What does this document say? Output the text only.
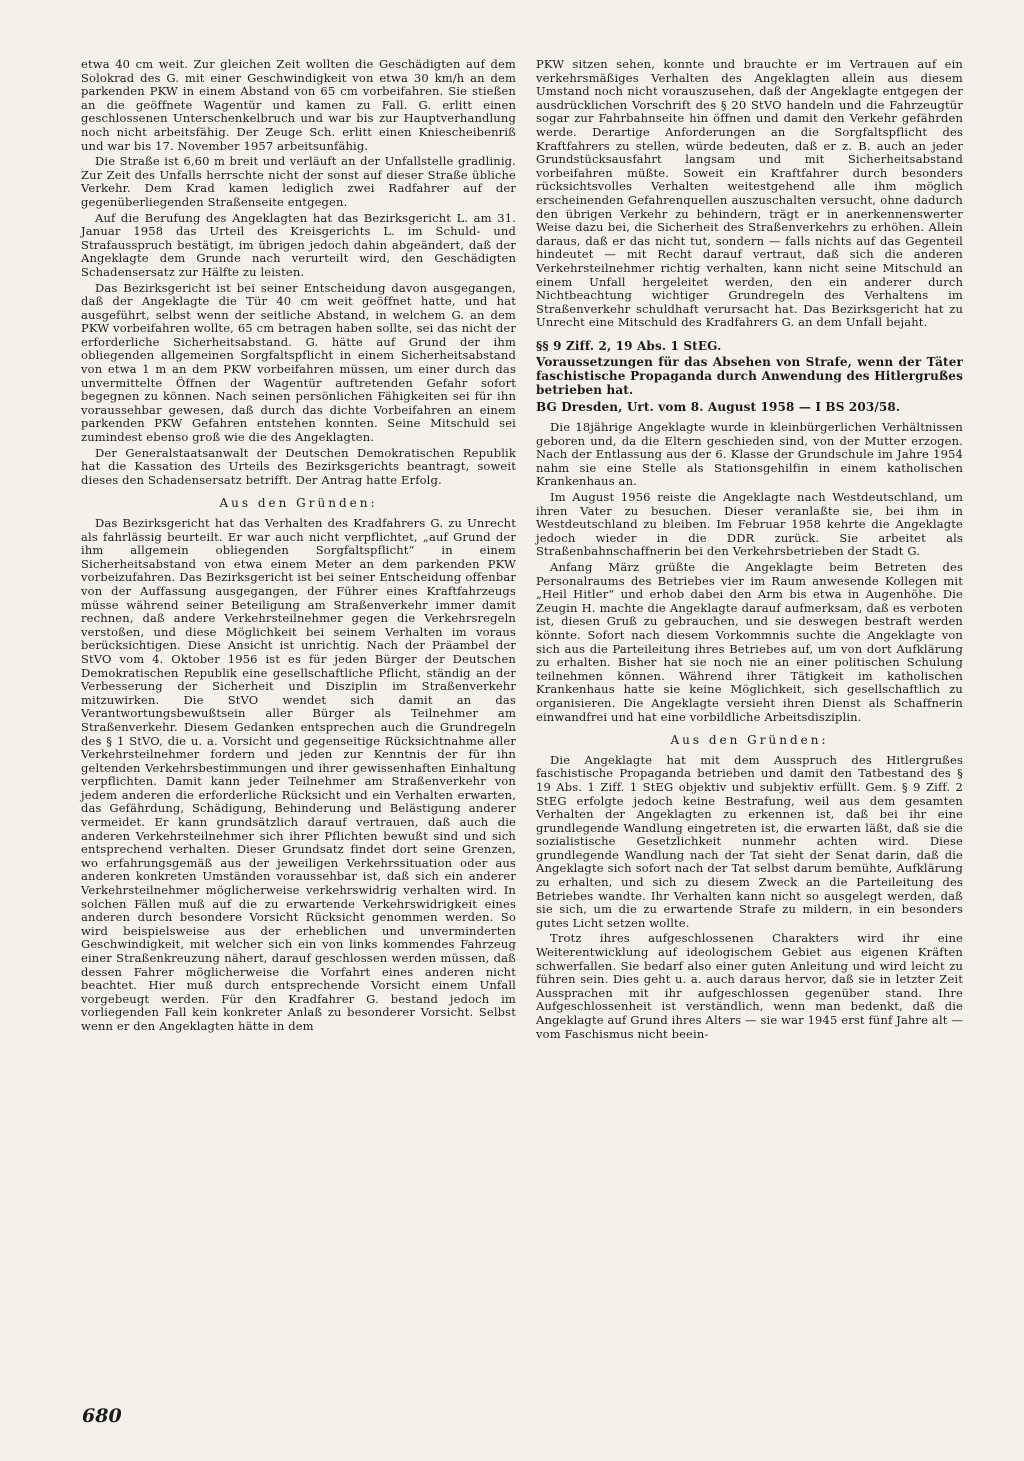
etwa 40 cm weit. Zur gleichen Zeit wollten die Geschädigten auf dem Solokrad des G. mit einer Geschwindigkeit von etwa 30 km/h an dem parkenden PKW in einem Abstand von 65 cm vorbeifahren. Sie stießen an die geöffnete Wagentür und kamen zu Fall. G. erlitt einen geschlossenen Unterschenkelbruch und war bis zur Hauptverhandlung noch nicht arbeitsfähig. Der Zeuge Sch. erlitt einen Kniescheibenriß und war bis 17. November 1957 arbeitsunfähig.

Die Straße ist 6,60 m breit und verläuft an der Unfallstelle gradlinig. Zur Zeit des Unfalls herrschte nicht der sonst auf dieser Straße übliche Verkehr. Dem Krad kamen lediglich zwei Radfahrer auf der gegenüberliegenden Straßenseite entgegen.

Auf die Berufung des Angeklagten hat das Bezirksgericht L. am 31. Januar 1958 das Urteil des Kreisgerichts L. im Schuld- und Strafausspruch bestätigt, im übrigen jedoch dahin abgeändert, daß der Angeklagte dem Grunde nach verurteilt wird, den Geschädigten Schadensersatz zur Hälfte zu leisten.

Das Bezirksgericht ist bei seiner Entscheidung davon ausgegangen, daß der Angeklagte die Tür 40 cm weit geöffnet hatte, und hat ausgeführt, selbst wenn der seitliche Abstand, in welchem G. an dem PKW vorbeifahren wollte, 65 cm betragen haben sollte, sei das nicht der erforderliche Sicherheitsabstand. G. hätte auf Grund der ihm obliegenden allgemeinen Sorgfaltspflicht in einem Sicherheitsabstand von etwa 1 m an dem PKW vorbeifahren müssen, um einer durch das unvermittelte Öffnen der Wagentür auftretenden Gefahr sofort begegnen zu können. Nach seinen persönlichen Fähigkeiten sei für ihn voraussehbar gewesen, daß durch das dichte Vorbeifahren an einem parkenden PKW Gefahren entstehen konnten. Seine Mitschuld sei zumindest ebenso groß wie die des Angeklagten.

Der Generalstaatsanwalt der Deutschen Demokratischen Republik hat die Kassation des Urteils des Bezirksgerichts beantragt, soweit dieses den Schadensersatz betrifft. Der Antrag hatte Erfolg.

Aus den Gründen:

Das Bezirksgericht hat das Verhalten des Kradfahrers G. zu Unrecht als fahrlässig beurteilt. Er war auch nicht verpflichtet, „auf Grund der ihm allgemein obliegenden Sorgfaltspflicht“ in einem Sicherheitsabstand von etwa einem Meter an dem parkenden PKW vorbeizufahren. Das Bezirksgericht ist bei seiner Entscheidung offenbar von der Auffassung ausgegangen, der Führer eines Kraftfahrzeugs müsse während seiner Beteiligung am Straßenverkehr immer damit rechnen, daß andere Verkehrsteilnehmer gegen die Verkehrsregeln verstoßen, und diese Möglichkeit bei seinem Verhalten im voraus berücksichtigen. Diese Ansicht ist unrichtig. Nach der Präambel der StVO vom 4. Oktober 1956 ist es für jeden Bürger der Deutschen Demokratischen Republik eine gesellschaftliche Pflicht, ständig an der Verbesserung der Sicherheit und Disziplin im Straßenverkehr mitzuwirken. Die StVO wendet sich damit an das Verantwortungsbewußtsein aller Bürger als Teilnehmer am Straßenverkehr. Diesem Gedanken entsprechen auch die Grundregeln des § 1 StVO, die u. a. Vorsicht und gegenseitige Rücksichtnahme aller Verkehrsteilnehmer fordern und jeden zur Kenntnis der für ihn geltenden Verkehrsbestimmungen und ihrer gewissenhaften Einhaltung verpflichten. Damit kann jeder Teilnehmer am Straßenverkehr von jedem anderen die erforderliche Rücksicht und ein Verhalten erwarten, das Gefährdung, Schädigung, Behinderung und Belästigung anderer vermeidet. Er kann grundsätzlich darauf vertrauen, daß auch die anderen Verkehrsteilnehmer sich ihrer Pflichten bewußt sind und sich entsprechend verhalten. Dieser Grundsatz findet dort seine Grenzen, wo erfahrungsgemäß aus der jeweiligen Verkehrssituation oder aus anderen konkreten Umständen voraussehbar ist, daß sich ein anderer Verkehrsteilnehmer möglicherweise verkehrswidrig verhalten wird. In solchen Fällen muß auf die zu erwartende Verkehrswidrigkeit eines anderen durch besondere Vorsicht Rücksicht genommen werden. So wird beispielsweise aus der erheblichen und unverminderten Geschwindigkeit, mit welcher sich ein von links kommendes Fahrzeug einer Straßenkreuzung nähert, darauf geschlossen werden müssen, daß dessen Fahrer möglicherweise die Vorfahrt eines anderen nicht beachtet. Hier muß durch entsprechende Vorsicht einem Unfall vorgebeugt werden. Für den Kradfahrer G. bestand jedoch im vorliegenden Fall kein konkreter Anlaß zu besonderer Vorsicht. Selbst wenn er den Angeklagten hätte in dem

PKW sitzen sehen, konnte und brauchte er im Vertrauen auf ein verkehrsmäßiges Verhalten des Angeklagten allein aus diesem Umstand noch nicht vorauszusehen, daß der Angeklagte entgegen der ausdrücklichen Vorschrift des § 20 StVO handeln und die Fahrzeugtür sogar zur Fahrbahnseite hin öffnen und damit den Verkehr gefährden werde. Derartige Anforderungen an die Sorgfaltspflicht des Kraftfahrers zu stellen, würde bedeuten, daß er z. B. auch an jeder Grundstücksausfahrt langsam und mit Sicherheitsabstand vorbeifahren müßte. Soweit ein Kraftfahrer durch besonders rücksichtsvolles Verhalten weitestgehend alle ihm möglich erscheinenden Gefahrenquellen auszuschalten versucht, ohne dadurch den übrigen Verkehr zu behindern, trägt er in anerkennenswerter Weise dazu bei, die Sicherheit des Straßenverkehrs zu erhöhen. Allein daraus, daß er das nicht tut, sondern — falls nichts auf das Gegenteil hindeutet — mit Recht darauf vertraut, daß sich die anderen Verkehrsteilnehmer richtig verhalten, kann nicht seine Mitschuld an einem Unfall hergeleitet werden, den ein anderer durch Nichtbeachtung wichtiger Grundregeln des Verhaltens im Straßenverkehr schuldhaft verursacht hat. Das Bezirksgericht hat zu Unrecht eine Mitschuld des Kradfahrers G. an dem Unfall bejaht.

§§ 9 Ziff. 2, 19 Abs. 1 StEG.

Voraussetzungen für das Absehen von Strafe, wenn der Täter faschistische Propaganda durch Anwendung des Hitlergrußes betrieben hat.

BG Dresden, Urt. vom 8. August 1958 — I BS 203/58.

Die 18jährige Angeklagte wurde in kleinbürgerlichen Verhältnissen geboren und, da die Eltern geschieden sind, von der Mutter erzogen. Nach der Entlassung aus der 6. Klasse der Grundschule im Jahre 1954 nahm sie eine Stelle als Stationsgehilfin in einem katholischen Krankenhaus an.

Im August 1956 reiste die Angeklagte nach Westdeutschland, um ihren Vater zu besuchen. Dieser veranlaßte sie, bei ihm in Westdeutschland zu bleiben. Im Februar 1958 kehrte die Angeklagte jedoch wieder in die DDR zurück. Sie arbeitet als Straßenbahnschaffnerin bei den Verkehrsbetrieben der Stadt G.

Anfang März grüßte die Angeklagte beim Betreten des Personalraums des Betriebes vier im Raum anwesende Kollegen mit „Heil Hitler“ und erhob dabei den Arm bis etwa in Augenhöhe. Die Zeugin H. machte die Angeklagte darauf aufmerksam, daß es verboten ist, diesen Gruß zu gebrauchen, und sie deswegen bestraft werden könnte. Sofort nach diesem Vorkommnis suchte die Angeklagte von sich aus die Parteileitung ihres Betriebes auf, um von dort Aufklärung zu erhalten. Bisher hat sie noch nie an einer politischen Schulung teilnehmen können. Während ihrer Tätigkeit im katholischen Krankenhaus hatte sie keine Möglichkeit, sich gesellschaftlich zu organisieren. Die Angeklagte versieht ihren Dienst als Schaffnerin einwandfrei und hat eine vorbildliche Arbeitsdisziplin.

Aus den Gründen:

Die Angeklagte hat mit dem Ausspruch des Hitlergrußes faschistische Propaganda betrieben und damit den Tatbestand des § 19 Abs. 1 Ziff. 1 StEG objektiv und subjektiv erfüllt. Gem. § 9 Ziff. 2 StEG erfolgte jedoch keine Bestrafung, weil aus dem gesamten Verhalten der Angeklagten zu erkennen ist, daß bei ihr eine grundlegende Wandlung eingetreten ist, die erwarten läßt, daß sie die sozialistische Gesetzlichkeit nunmehr achten wird. Diese grundlegende Wandlung nach der Tat sieht der Senat darin, daß die Angeklagte sich sofort nach der Tat selbst darum bemühte, Aufklärung zu erhalten, und sich zu diesem Zweck an die Parteileitung des Betriebes wandte. Ihr Verhalten kann nicht so ausgelegt werden, daß sie sich, um die zu erwartende Strafe zu mildern, in ein besonders gutes Licht setzen wollte.

Trotz ihres aufgeschlossenen Charakters wird ihr eine Weiterentwicklung auf ideologischem Gebiet aus eigenen Kräften schwerfallen. Sie bedarf also einer guten Anleitung und wird leicht zu führen sein. Dies geht u. a. auch daraus hervor, daß sie in letzter Zeit Aussprachen mit ihr aufgeschlossen gegenüber stand. Ihre Aufgeschlossenheit ist verständlich, wenn man bedenkt, daß die Angeklagte auf Grund ihres Alters — sie war 1945 erst fünf Jahre alt — vom Faschismus nicht beein-

680
